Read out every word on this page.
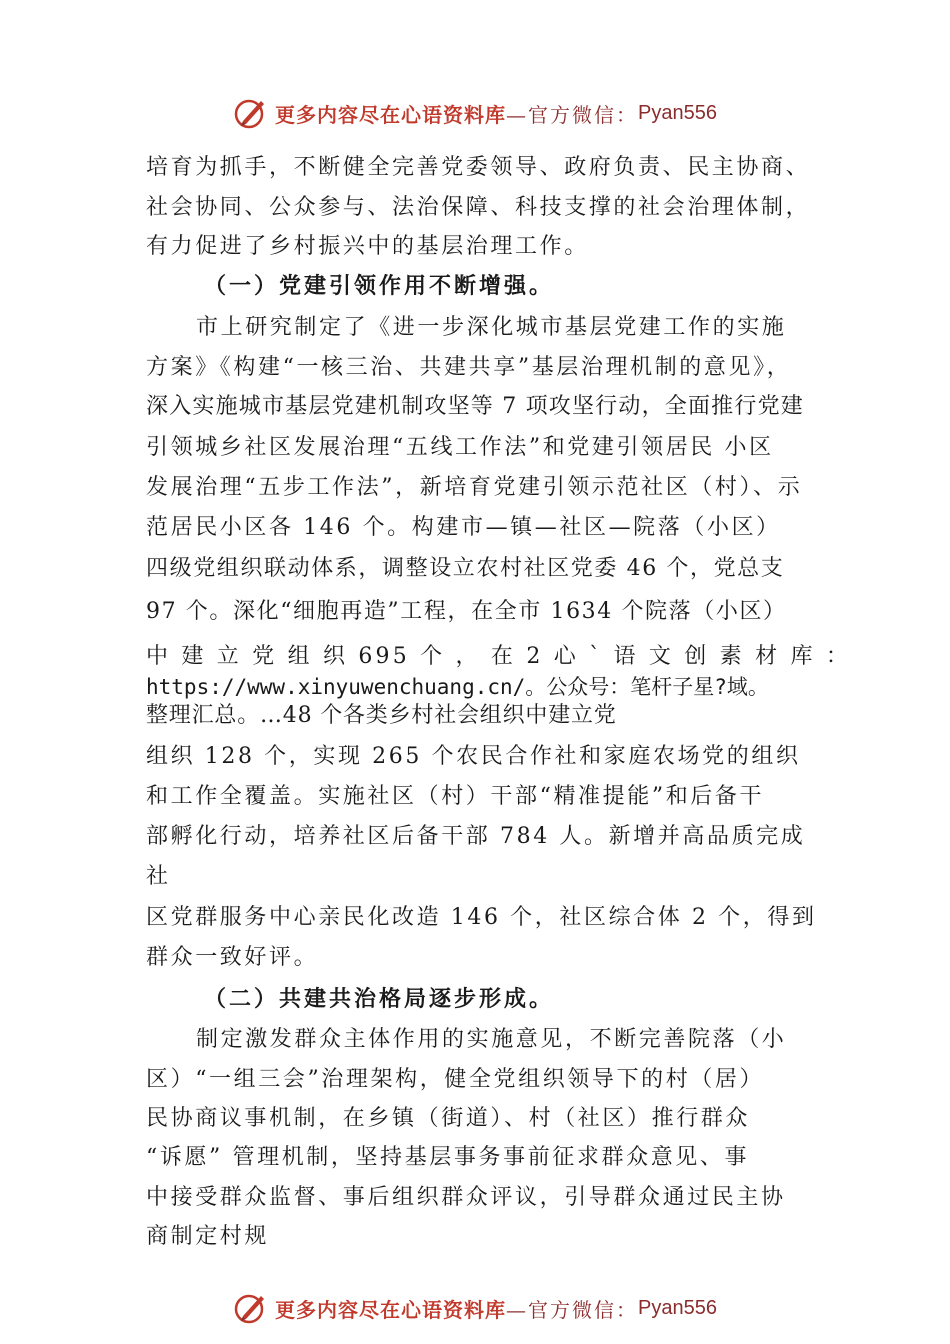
更多内容尽在心语资料库 —官方微信： Pyan556
培育为抓手，不断健全完善党委领导、政府负责、民主协商、
社会协同、公众参与、法治保障、科技支撑的社会治理体制，
有力促进了乡村振兴中的基层治理工作。
（一）党建引领作用不断增强。
市上研究制定了《进一步深化城市基层党建工作的实施
方案》《构建“一核三治、共建共享”基层治理机制的意见》，
深入实施城市基层党建机制攻坚等 7 项攻坚行动，全面推行党建
引领城乡社区发展治理“五线工作法”和党建引领居民 小区
发展治理“五步工作法”，新培育党建引领示范社区（村）、示
范居民小区各 146 个。构建市—镇—社区—院落（小区）
四级党组织联动体系，调整设立农村社区党委 46 个，党总支
97 个。深化“细胞再造”工程，在全市 1634 个院落（小区）
中 建 立 党 组 织 695 个 ， 在 2 心 ` 语 文 创 素 材 库 ：
https://www.xinyuwenchuang.cn/。公众号：笔杆子星?域。
整理汇总。…48 个各类乡村社会组织中建立党
组织 128 个，实现 265 个农民合作社和家庭农场党的组织
和工作全覆盖。实施社区（村）干部“精准提能”和后备干
部孵化行动，培养社区后备干部 784 人。新增并高品质完成
社
区党群服务中心亲民化改造 146 个，社区综合体 2 个，得到
群众一致好评。
（二）共建共治格局逐步形成。
制定激发群众主体作用的实施意见，不断完善院落（小
区）“一组三会”治理架构，健全党组织领导下的村（居）
民协商议事机制，在乡镇（街道）、村（社区）推行群众
“诉愿” 管理机制，坚持基层事务事前征求群众意见、事
中接受群众监督、事后组织群众评议，引导群众通过民主协
商制定村规
更多内容尽在心语资料库 —官方微信： Pyan556
